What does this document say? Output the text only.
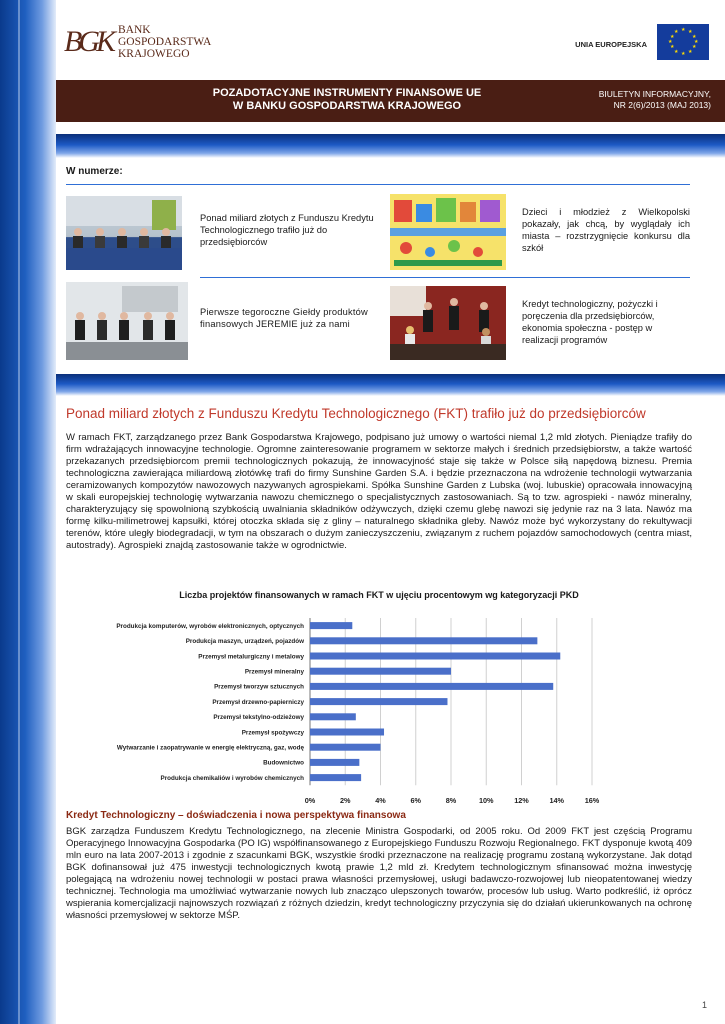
BGK BANK
GOSPODARSTWA
KRAJOWEGO
UNIA EUROPEJSKA
★ ★
★
★
★
★
★
★
★
★
★
★
POZADOTACYJNE INSTRUMENTY FINANSOWE UE
W BANKU GOSPODARSTWA KRAJOWEGO
BIULETYN INFORMACYJNY,
NR 2(6)/2013 (MAJ 2013)
W numerze:
Ponad miliard złotych z Funduszu Kredytu Technologicznego trafiło już do przedsiębiorców
Dzieci i młodzież z Wielkopolski pokazały, jak chcą, by wyglądały ich miasta – rozstrzygnięcie konkursu dla szkół
Pierwsze tegoroczne Giełdy produktów finansowych JEREMIE już za nami
Kredyt technologiczny, pożyczki i poręczenia dla przedsiębiorców, ekonomia społeczna - postęp w realizacji programów
Ponad miliard złotych z Funduszu Kredytu Technologicznego (FKT) trafiło już do przedsiębiorców
W ramach FKT, zarządzanego przez Bank Gospodarstwa Krajowego, podpisano już umowy o wartości niemal 1,2 mld złotych. Pieniądze trafiły do firm wdrażających innowacyjne technologie. Ogromne zainteresowanie programem w sektorze małych i średnich przedsiębiorstw, a także wartość przekazanych przedsiębiorcom premii technologicznych pokazują, że innowacyjność staje się także w Polsce siłą napędową biznesu. Premia technologiczna zawierająca miliardową złotówkę trafi do firmy Sunshine Garden S.A. i będzie przeznaczona na wdrożenie technologii wytwarzania ceramizowanych kompozytów nawozowych nazywanych agrospiekami. Spółka Sunshine Garden z Lubska (woj. lubuskie) opracowała innowacyjną w skali europejskiej technologię wytwarzania nawozu chemicznego o specjalistycznych zastosowaniach. Są to tzw. agrospieki - nawóz mineralny, charakteryzujący się spowolnioną szybkością uwalniania składników odżywczych, dzięki czemu glebę nawozi się jedynie raz na 3 lata. Nawóz ma formę kilku-milimetrowej kapsułki, której otoczka składa się z gliny – naturalnego składnika gleby. Nawóz może być wykorzystany do rekultywacji terenów, które uległy biodegradacji, w tym na obszarach o dużym zanieczyszczeniu, związanym z ruchem pojazdów samochodowych (centra miast, autostrady). Agrospieki znajdą zastosowanie także w ogrodnictwie.
Liczba projektów finansowanych w ramach FKT w ujęciu procentowym wg kategoryzacji PKD
Produkcja komputerów, wyrobów elektronicznych, optycznych
Produkcja maszyn, urządzeń, pojazdów
Przemysł metalurgiczny i metalowy
Przemysł mineralny
Przemysł tworzyw sztucznych
Przemysł drzewno-papierniczy
Przemysł tekstylno-odzieżowy
Przemysł spożywczy
Wytwarzanie i zaopatrywanie w energię elektryczną, gaz, wodę
Budownictwo
Produkcja chemikaliów i wyrobów chemicznych
0%	2%	4%	6%	8%	10%	12%	14%	16%
Kredyt Technologiczny – doświadczenia i nowa perspektywa finansowa
BGK zarządza Funduszem Kredytu Technologicznego, na zlecenie Ministra Gospodarki, od 2005 roku. Od 2009 FKT jest częścią Programu Operacyjnego Innowacyjna Gospodarka (PO IG) współfinansowanego z Europejskiego Funduszu Rozwoju Regionalnego. FKT dysponuje kwotą 409 mln euro na lata 2007-2013 i zgodnie z szacunkami BGK, wszystkie środki przeznaczone na realizację programu zostaną wykorzystane. Jak dotąd BGK dofinansował już 475 inwestycji technologicznych kwotą prawie 1,2 mld zł. Kredytem technologicznym sfinansować można inwestycję polegającą na wdrożeniu nowej technologii w postaci prawa własności przemysłowej, usługi badawczo-rozwojowej lub nieopatentowanej wiedzy technicznej. Technologia ma umożliwiać wytwarzanie nowych lub znacząco ulepszonych towarów, procesów lub usług. Warto podkreślić, iż oprócz wspierania komercjalizacji najnowszych rozwiązań z różnych dziedzin, kredyt technologiczny przyczynia się do działań ukierunkowanych na ochronę własności przemysłowej w sektorze MŚP.
1
